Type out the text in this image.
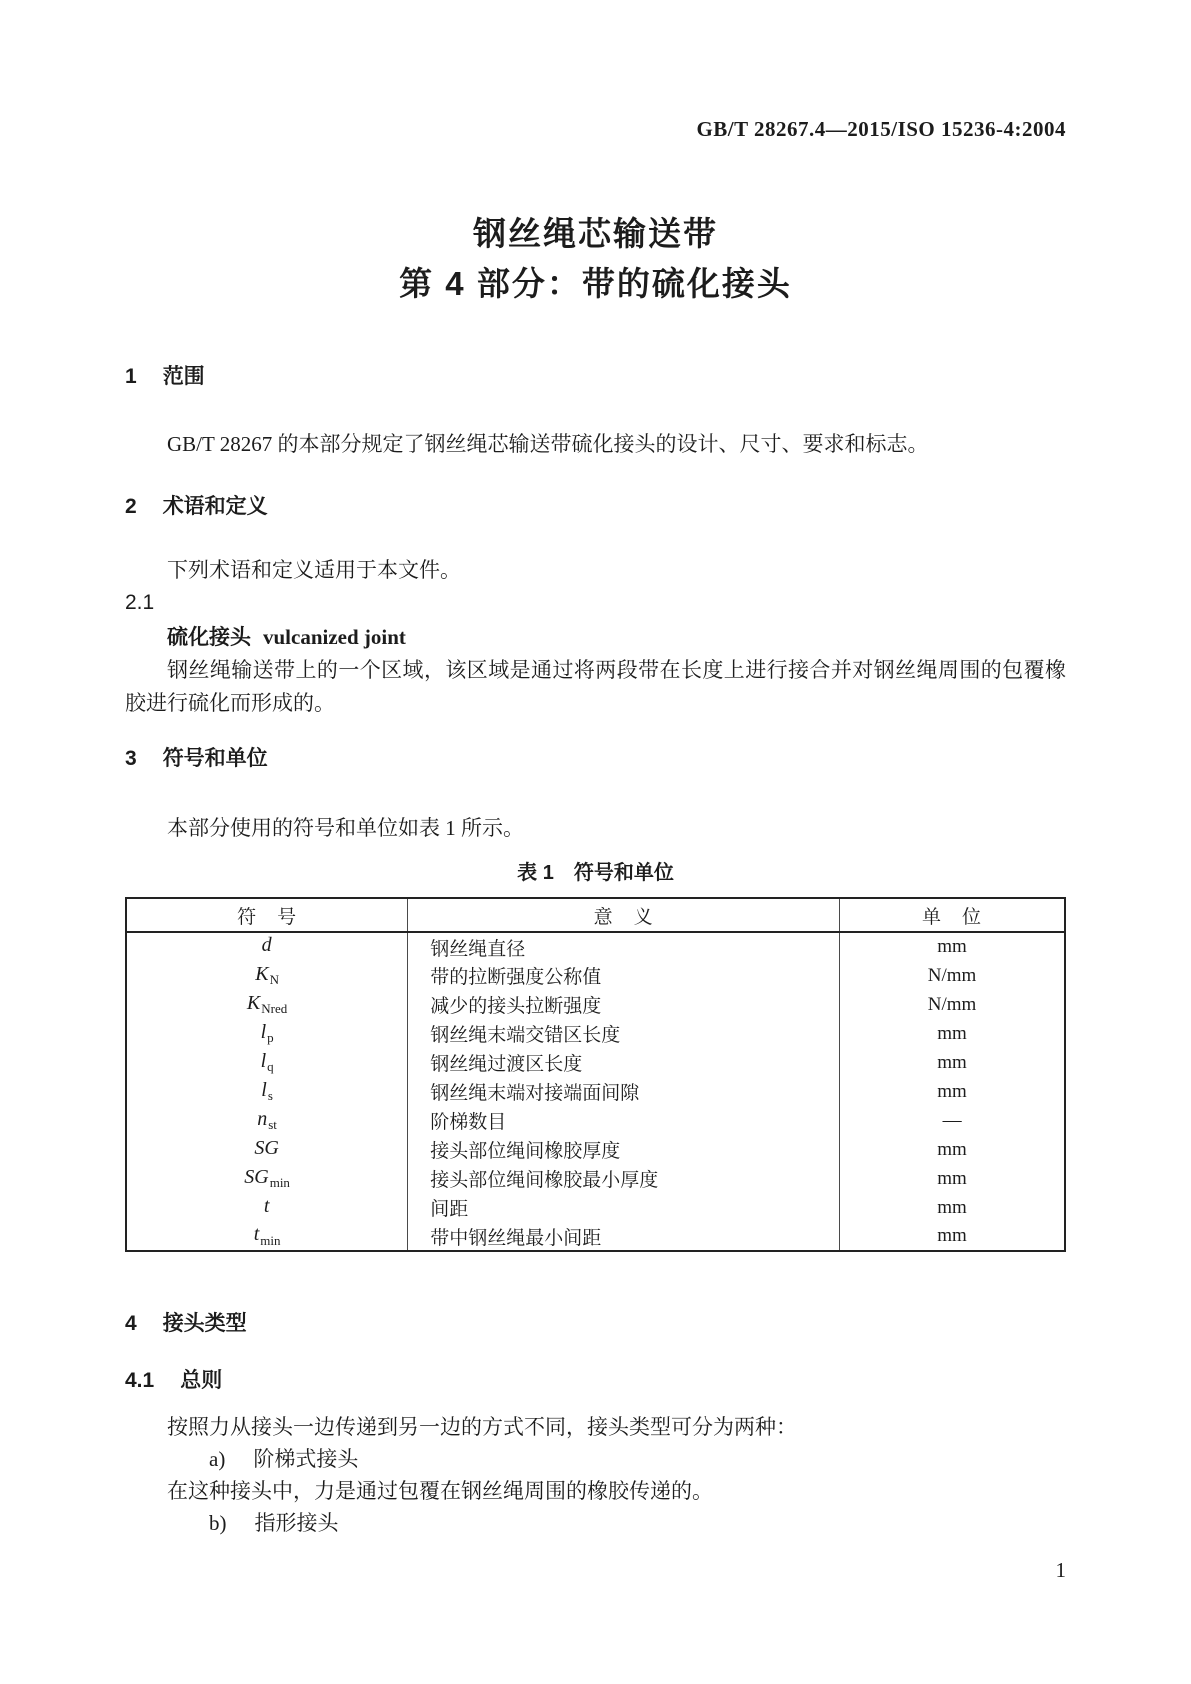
GB/T 28267.4—2015/ISO 15236-4:2004
钢丝绳芯输送带
第 4 部分：带的硫化接头
1 范围
GB/T 28267 的本部分规定了钢丝绳芯输送带硫化接头的设计、尺寸、要求和标志。
2 术语和定义
下列术语和定义适用于本文件。
2.1
硫化接头 vulcanized joint
钢丝绳输送带上的一个区域，该区域是通过将两段带在长度上进行接合并对钢丝绳周围的包覆橡胶进行硫化而形成的。
3 符号和单位
本部分使用的符号和单位如表 1 所示。
表 1　符号和单位
符　号	意　义	单　位
d	钢丝绳直径	mm
$K_N$	带的拉断强度公称值	N/mm
$K_{Nred}$	减少的接头拉断强度	N/mm
$l_p$	钢丝绳末端交错区长度	mm
$l_q$	钢丝绳过渡区长度	mm
$l_s$	钢丝绳末端对接端面间隙	mm
$n_{st}$	阶梯数目	—
SG	接头部位绳间橡胶厚度	mm
$SG_{min}$	接头部位绳间橡胶最小厚度	mm
t	间距	mm
$t_{min}$	带中钢丝绳最小间距	mm
4 接头类型
4.1 总则
按照力从接头一边传递到另一边的方式不同，接头类型可分为两种：
a) 阶梯式接头
在这种接头中，力是通过包覆在钢丝绳周围的橡胶传递的。
b) 指形接头
1
